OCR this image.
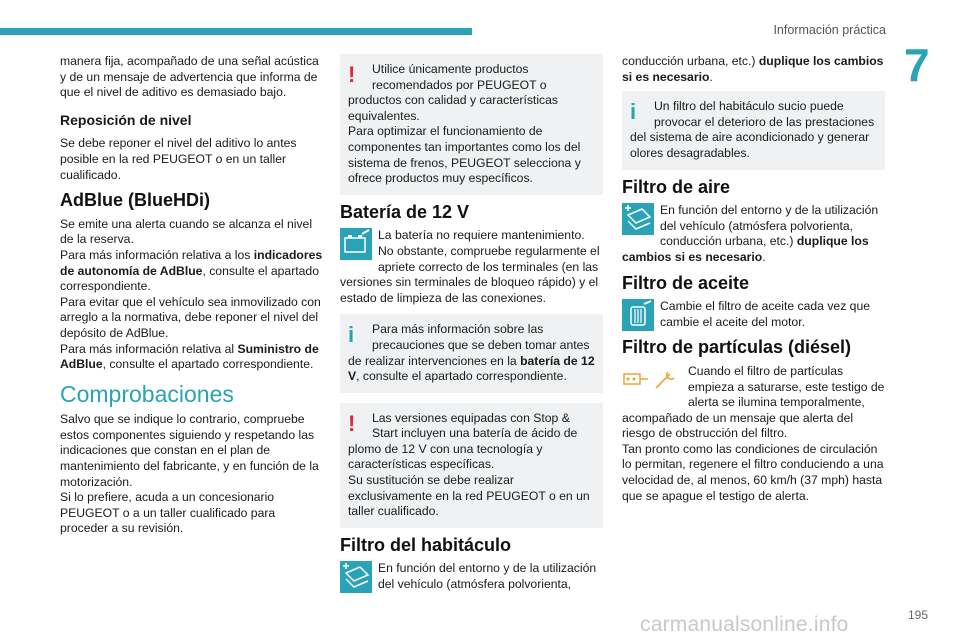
Información práctica
7

manera fija, acompañado de una señal acústica y de un mensaje de advertencia que informa de que el nivel de aditivo es demasiado bajo.

Reposición de nivel

Se debe reponer el nivel del aditivo lo antes posible en la red PEUGEOT o en un taller cualificado.

AdBlue (BlueHDi)

Se emite una alerta cuando se alcanza el nivel de la reserva.
Para más información relativa a los indicadores de autonomía de AdBlue, consulte el apartado correspondiente.
Para evitar que el vehículo sea inmovilizado con arreglo a la normativa, debe reponer el nivel del depósito de AdBlue.
Para más información relativa al Suministro de AdBlue, consulte el apartado correspondiente.

Comprobaciones

Salvo que se indique lo contrario, compruebe estos componentes siguiendo y respetando las indicaciones que constan en el plan de mantenimiento del fabricante, y en función de la motorización.
Si lo prefiere, acuda a un concesionario PEUGEOT o a un taller cualificado para proceder a su revisión.

!	Utilice únicamente productos recomendados por PEUGEOT o productos con calidad y características equivalentes.
Para optimizar el funcionamiento de componentes tan importantes como los del sistema de frenos, PEUGEOT selecciona y ofrece productos muy específicos.
Batería de 12 V

La batería no requiere mantenimiento. No obstante, compruebe regularmente el apriete correcto de los terminales (en las versiones sin terminales de bloqueo rápido) y el estado de limpieza de las conexiones.

i	Para más información sobre las precauciones que se deben tomar antes de realizar intervenciones en la batería de 12 V, consulte el apartado correspondiente.
!	Las versiones equipadas con Stop & Start incluyen una batería de ácido de plomo de 12 V con una tecnología y características específicas.
Su sustitución se debe realizar exclusivamente en la red PEUGEOT o en un taller cualificado.
Filtro del habitáculo

En función del entorno y de la utilización del vehículo (atmósfera polvorienta,

conducción urbana, etc.) duplique los cambios si es necesario.

i	Un filtro del habitáculo sucio puede provocar el deterioro de las prestaciones del sistema de aire acondicionado y generar olores desagradables.
Filtro de aire

En función del entorno y de la utilización del vehículo (atmósfera polvorienta, conducción urbana, etc.) duplique los cambios si es necesario.

Filtro de aceite

Cambie el filtro de aceite cada vez que cambie el aceite del motor.

Filtro de partículas (diésel)

Cuando el filtro de partículas empieza a saturarse, este testigo de alerta se ilumina temporalmente, acompañado de un mensaje que alerta del riesgo de obstrucción del filtro.
Tan pronto como las condiciones de circulación lo permitan, regenere el filtro conduciendo a una velocidad de, al menos, 60 km/h (37 mph) hasta que se apague el testigo de alerta.

195
carmanualsonline.info
